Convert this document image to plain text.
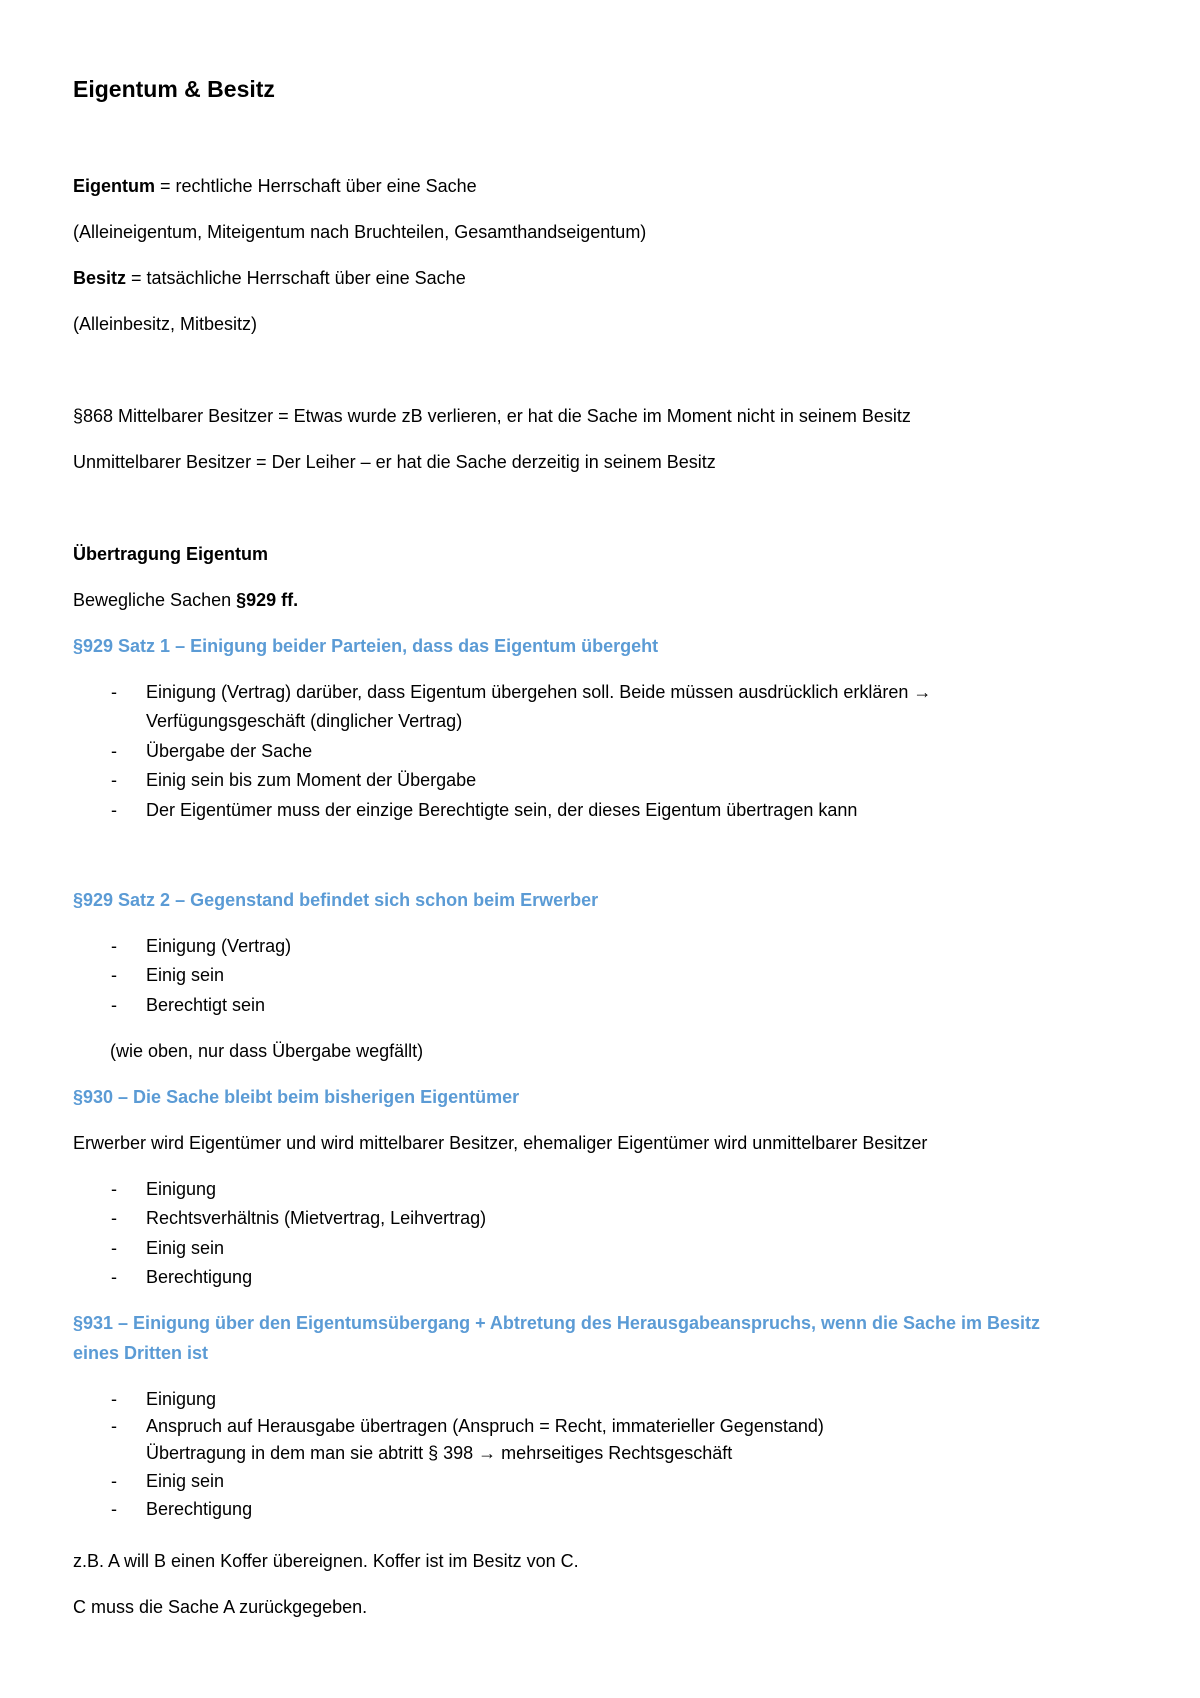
Eigentum & Besitz
Eigentum = rechtliche Herrschaft über eine Sache
(Alleineigentum, Miteigentum nach Bruchteilen, Gesamthandseigentum)
Besitz = tatsächliche Herrschaft über eine Sache
(Alleinbesitz, Mitbesitz)
§868 Mittelbarer Besitzer = Etwas wurde zB verlieren, er hat die Sache im Moment nicht in seinem Besitz
Unmittelbarer Besitzer = Der Leiher – er hat die Sache derzeitig in seinem Besitz
Übertragung Eigentum
Bewegliche Sachen §929 ff.
§929 Satz 1 – Einigung beider Parteien, dass das Eigentum übergeht
- Einigung (Vertrag) darüber, dass Eigentum übergehen soll. Beide müssen ausdrücklich erklären →
Verfügungsgeschäft (dinglicher Vertrag)
- Übergabe der Sache
- Einig sein bis zum Moment der Übergabe
- Der Eigentümer muss der einzige Berechtigte sein, der dieses Eigentum übertragen kann
§929 Satz 2 – Gegenstand befindet sich schon beim Erwerber
- Einigung (Vertrag)
- Einig sein
- Berechtigt sein
(wie oben, nur dass Übergabe wegfällt)
§930 – Die Sache bleibt beim bisherigen Eigentümer
Erwerber wird Eigentümer und wird mittelbarer Besitzer, ehemaliger Eigentümer wird unmittelbarer Besitzer
- Einigung
- Rechtsverhältnis (Mietvertrag, Leihvertrag)
- Einig sein
- Berechtigung
§931 – Einigung über den Eigentumsübergang + Abtretung des Herausgabeanspruchs, wenn die Sache im Besitz
eines Dritten ist
- Einigung
- Anspruch auf Herausgabe übertragen (Anspruch = Recht, immaterieller Gegenstand)
Übertragung in dem man sie abtritt § 398 → mehrseitiges Rechtsgeschäft
- Einig sein
- Berechtigung
z.B. A will B einen Koffer übereignen. Koffer ist im Besitz von C.
C muss die Sache A zurückgegeben.
